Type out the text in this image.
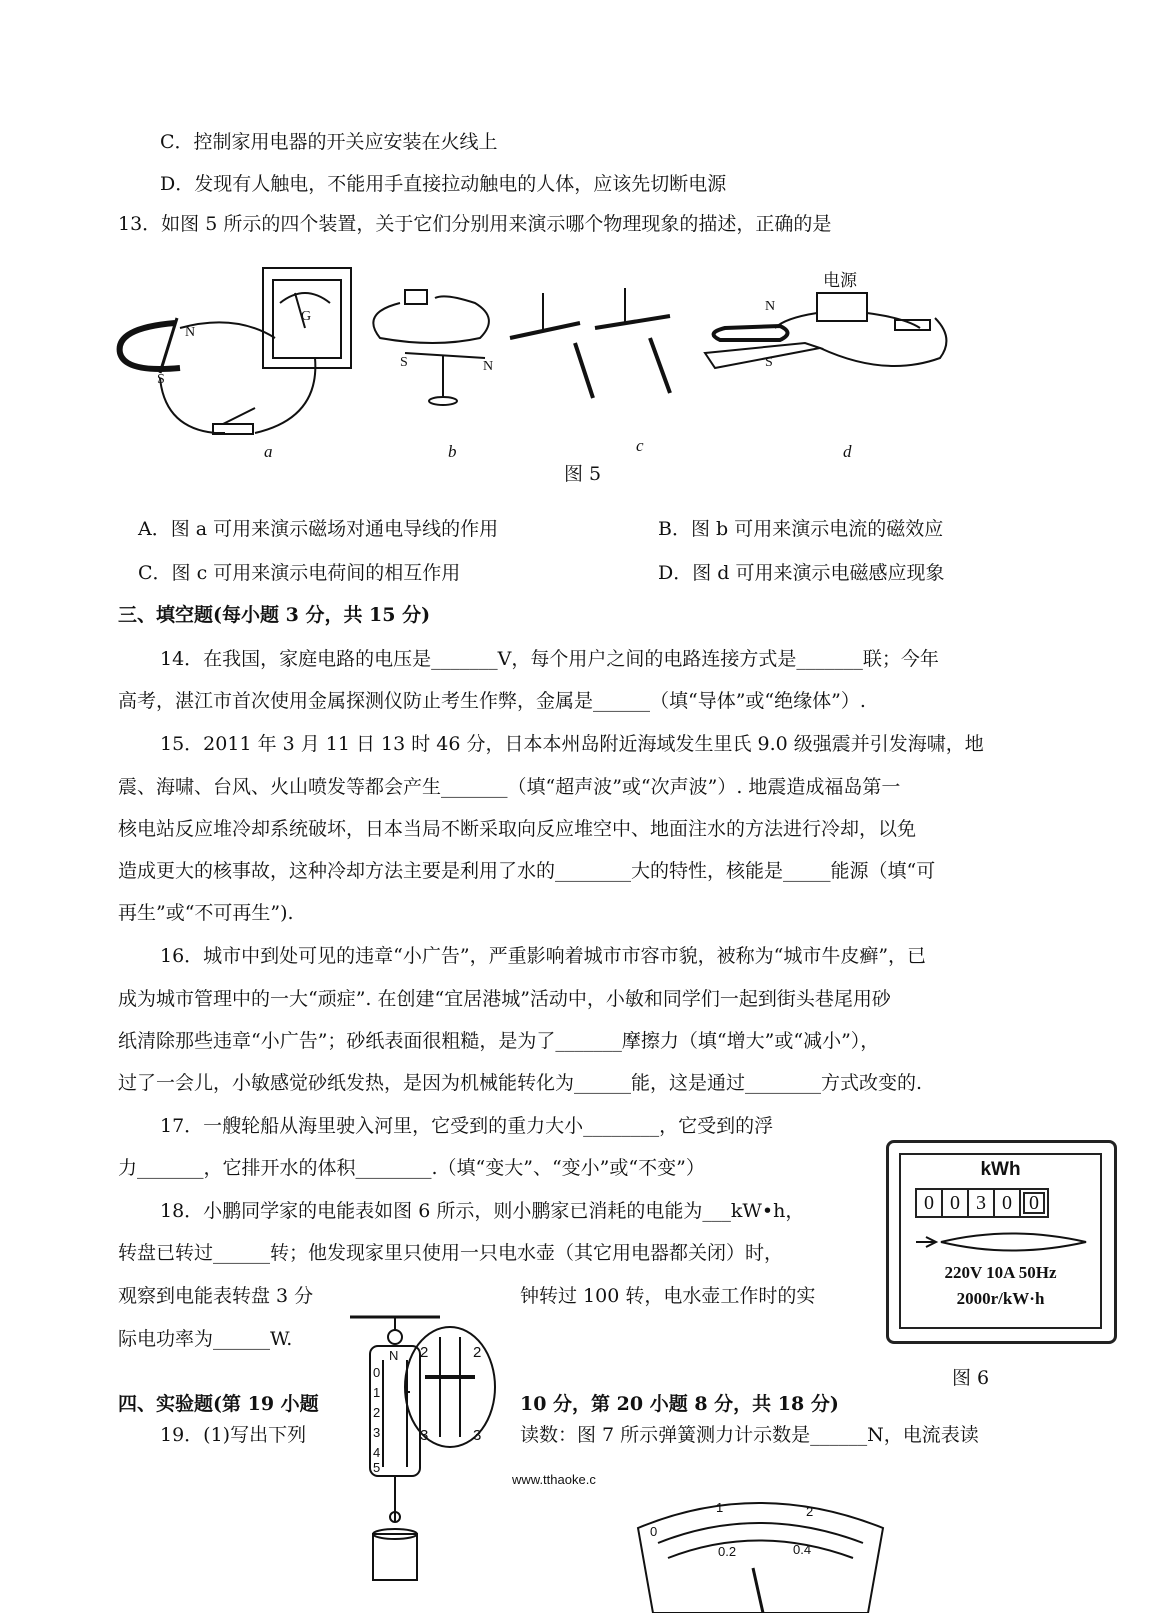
C．控制家用电器的开关应安装在火线上
D．发现有人触电，不能用手直接拉动触电的人体，应该先切断电源
13．如图 5 所示的四个装置，关于它们分别用来演示哪个物理现象的描述，正确的是
N
S
G
S	N
N
S
电源
a	b	c	d
图 5
A．图 a 可用来演示磁场对通电导线的作用	B．图 b 可用来演示电流的磁效应
C．图 c 可用来演示电荷间的相互作用	D．图 d 可用来演示电磁感应现象
三、填空题(每小题 3 分，共 15 分)
14．在我国，家庭电路的电压是_______V，每个用户之间的电路连接方式是_______联；今年
高考，湛江市首次使用金属探测仪防止考生作弊，金属是______（填“导体”或“绝缘体”）.
15．2011 年 3 月 11 日 13 时 46 分，日本本州岛附近海域发生里氏 9.0 级强震并引发海啸，地
震、海啸、台风、火山喷发等都会产生_______（填“超声波”或“次声波”）. 地震造成福岛第一
核电站反应堆冷却系统破坏，日本当局不断采取向反应堆空中、地面注水的方法进行冷却，以免
造成更大的核事故，这种冷却方法主要是利用了水的________大的特性，核能是_____能源（填“可
再生”或“不可再生”).
16．城市中到处可见的违章“小广告”，严重影响着城市市容市貌，被称为“城市牛皮癣”，已
成为城市管理中的一大“顽症”. 在创建“宜居港城”活动中，小敏和同学们一起到街头巷尾用砂
纸清除那些违章“小广告”；砂纸表面很粗糙，是为了_______摩擦力（填“增大”或“减小”），
过了一会儿，小敏感觉砂纸发热，是因为机械能转化为______能，这是通过________方式改变的.
17．一艘轮船从海里驶入河里，它受到的重力大小________，它受到的浮
力_______，它排开水的体积________.（填“变大”、“变小”或“不变”）
18．小鹏同学家的电能表如图 6 所示，则小鹏家已消耗的电能为___kW•h，
转盘已转过______转；他发现家里只使用一只电水壶（其它用电器都关闭）时，
观察到电能表转盘 3 分	钟转过 100 转，电水壶工作时的实
际电功率为______W.
kWh
0 0 3 0 0
220V 10A 50Hz
2000r/kW·h
图 6
四、实验题(第 19 小题	10 分，第 20 小题 8 分，共 18 分)
19．(1)写出下列	读数：图 7 所示弹簧测力计示数是______N，电流表读
N
0
1
2
3
4
5
2	2
3	3
www.tthaoke.c
0
1	2
0.2	0.4
